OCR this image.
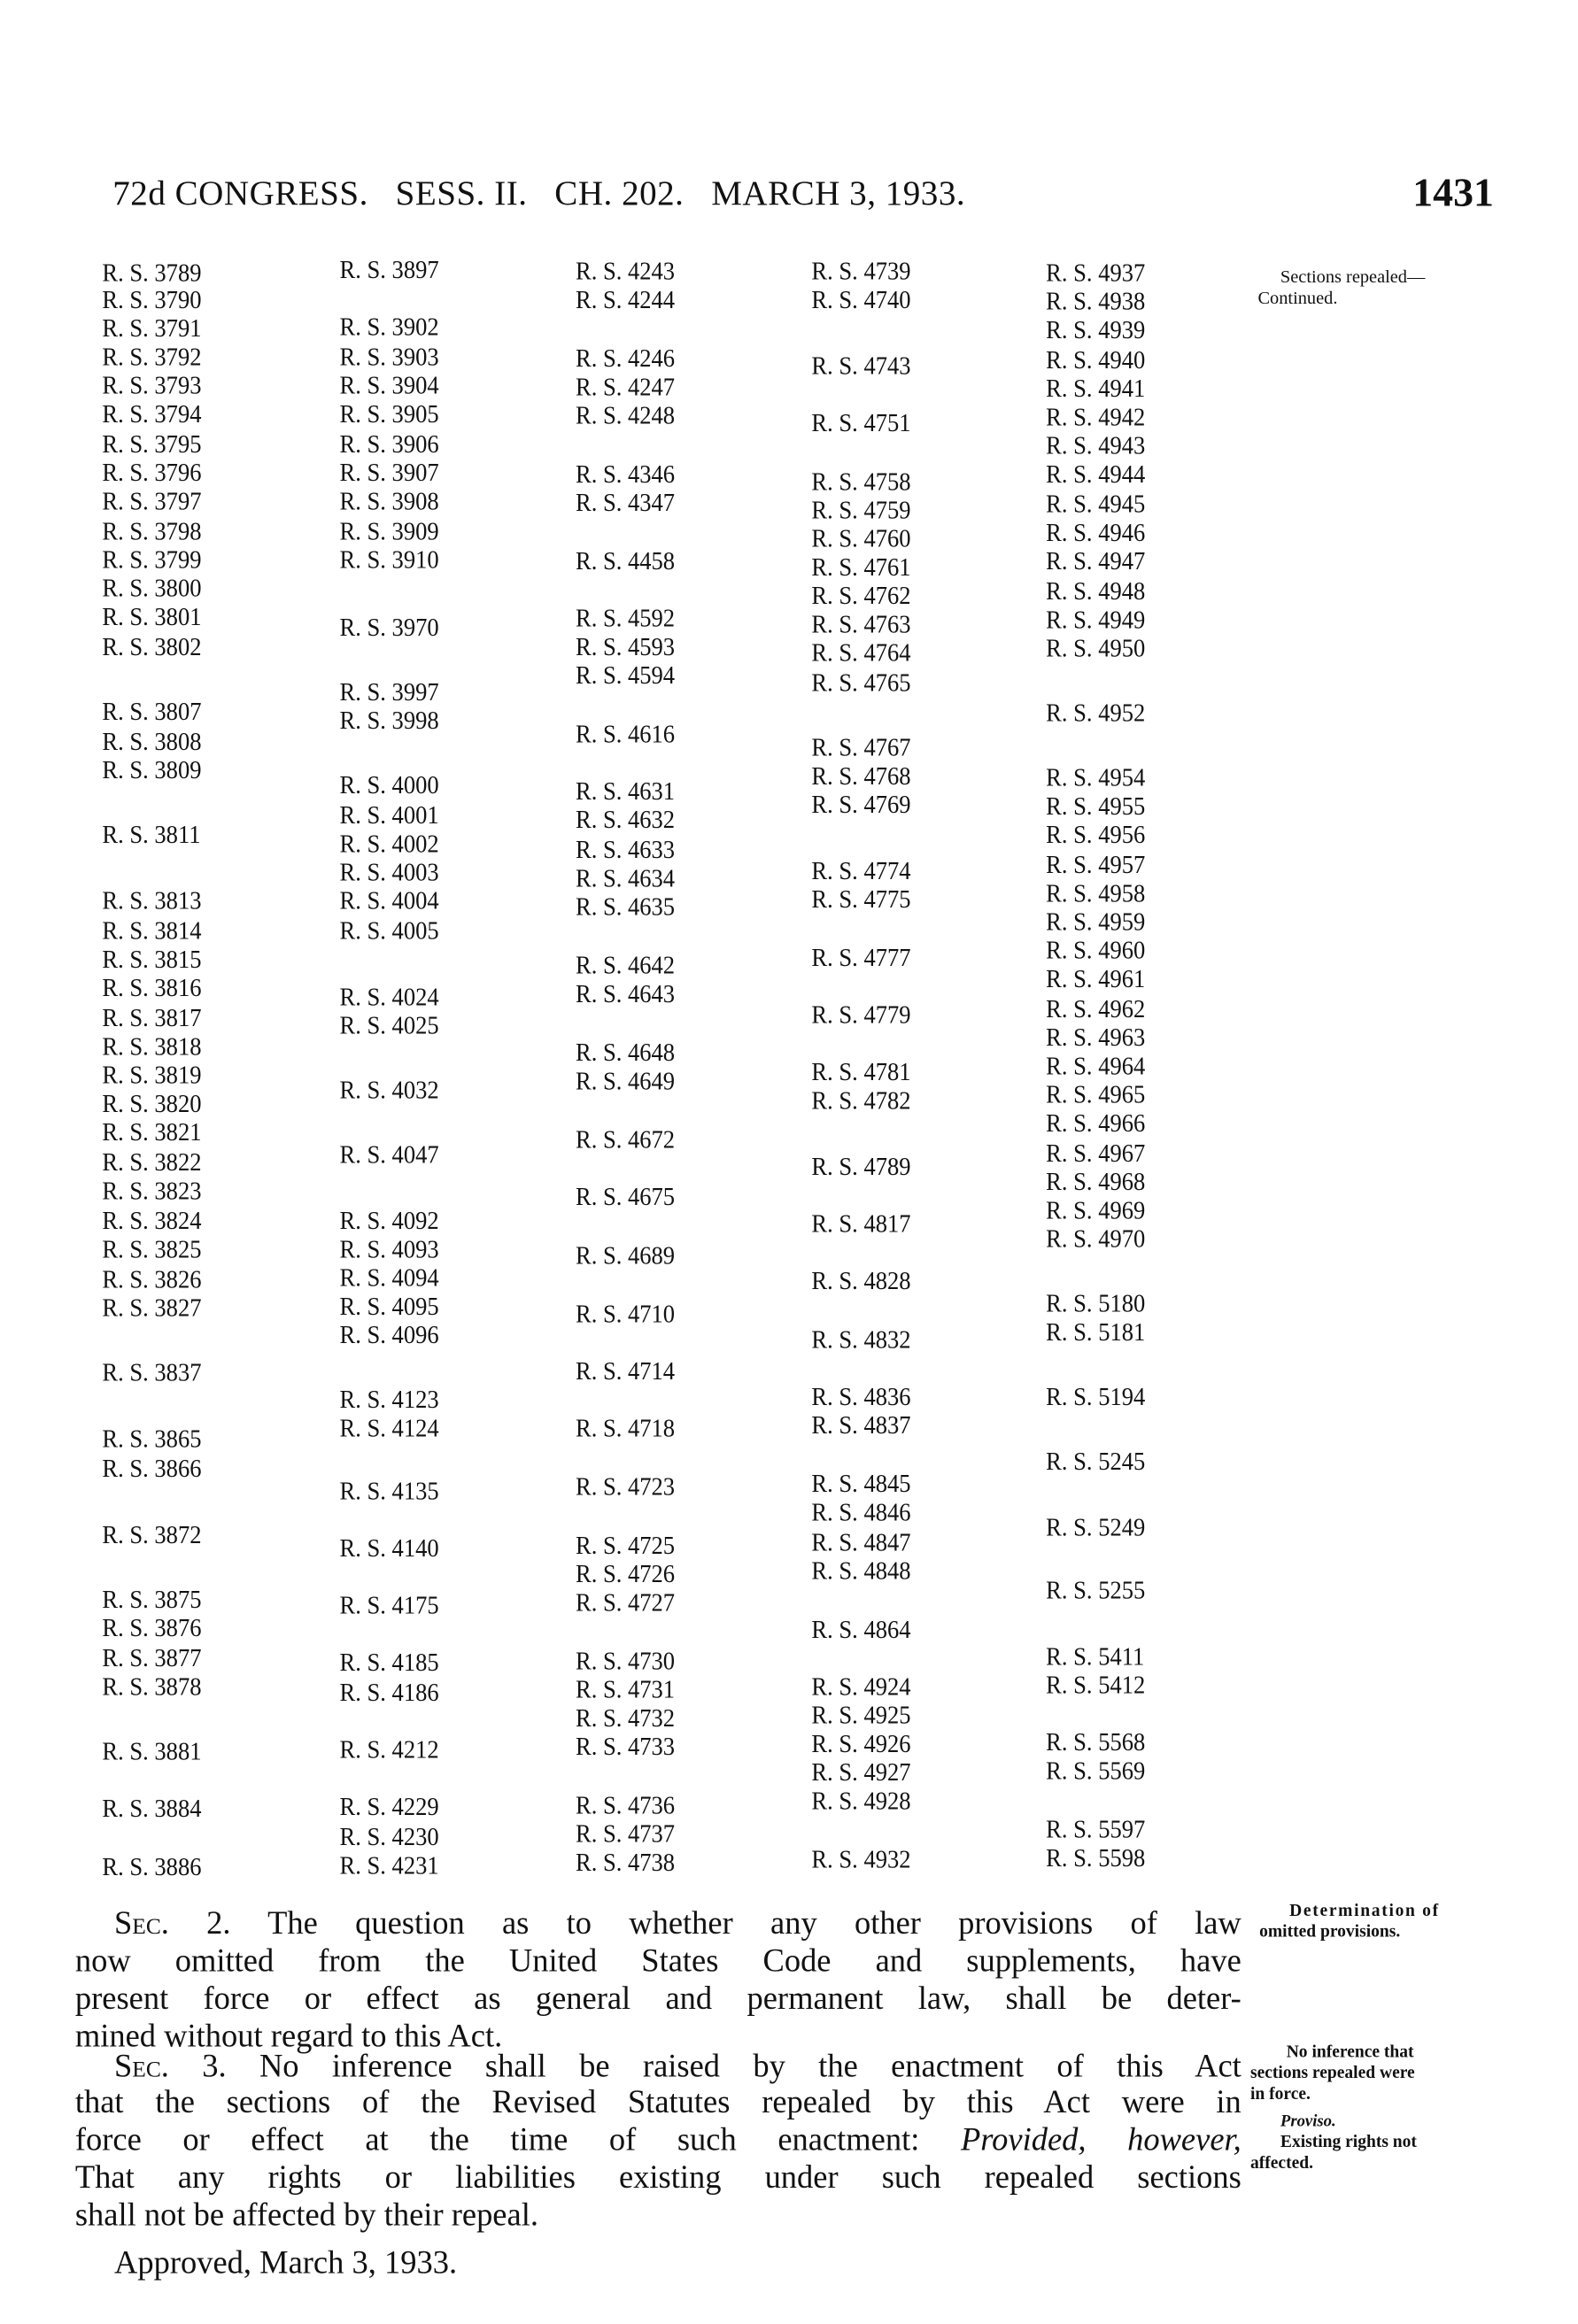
72d CONGRESS.   SESS. II.   CH. 202.   MARCH 3, 1933.	1431
R. S. 3789
R. S. 3790
R. S. 3791
R. S. 3792
R. S. 3793
R. S. 3794
R. S. 3795
R. S. 3796
R. S. 3797
R. S. 3798
R. S. 3799
R. S. 3800
R. S. 3801
R. S. 3802
R. S. 3807
R. S. 3808
R. S. 3809
R. S. 3811
R. S. 3813
R. S. 3814
R. S. 3815
R. S. 3816
R. S. 3817
R. S. 3818
R. S. 3819
R. S. 3820
R. S. 3821
R. S. 3822
R. S. 3823
R. S. 3824
R. S. 3825
R. S. 3826
R. S. 3827
R. S. 3837
R. S. 3865
R. S. 3866
R. S. 3872
R. S. 3875
R. S. 3876
R. S. 3877
R. S. 3878
R. S. 3881
R. S. 3884
R. S. 3886
R. S. 3897
R. S. 3902
R. S. 3903
R. S. 3904
R. S. 3905
R. S. 3906
R. S. 3907
R. S. 3908
R. S. 3909
R. S. 3910
R. S. 3970
R. S. 3997
R. S. 3998
R. S. 4000
R. S. 4001
R. S. 4002
R. S. 4003
R. S. 4004
R. S. 4005
R. S. 4024
R. S. 4025
R. S. 4032
R. S. 4047
R. S. 4092
R. S. 4093
R. S. 4094
R. S. 4095
R. S. 4096
R. S. 4123
R. S. 4124
R. S. 4135
R. S. 4140
R. S. 4175
R. S. 4185
R. S. 4186
R. S. 4212
R. S. 4229
R. S. 4230
R. S. 4231
R. S. 4243
R. S. 4244
R. S. 4246
R. S. 4247
R. S. 4248
R. S. 4346
R. S. 4347
R. S. 4458
R. S. 4592
R. S. 4593
R. S. 4594
R. S. 4616
R. S. 4631
R. S. 4632
R. S. 4633
R. S. 4634
R. S. 4635
R. S. 4642
R. S. 4643
R. S. 4648
R. S. 4649
R. S. 4672
R. S. 4675
R. S. 4689
R. S. 4710
R. S. 4714
R. S. 4718
R. S. 4723
R. S. 4725
R. S. 4726
R. S. 4727
R. S. 4730
R. S. 4731
R. S. 4732
R. S. 4733
R. S. 4736
R. S. 4737
R. S. 4738
R. S. 4739
R. S. 4740
R. S. 4743
R. S. 4751
R. S. 4758
R. S. 4759
R. S. 4760
R. S. 4761
R. S. 4762
R. S. 4763
R. S. 4764
R. S. 4765
R. S. 4767
R. S. 4768
R. S. 4769
R. S. 4774
R. S. 4775
R. S. 4777
R. S. 4779
R. S. 4781
R. S. 4782
R. S. 4789
R. S. 4817
R. S. 4828
R. S. 4832
R. S. 4836
R. S. 4837
R. S. 4845
R. S. 4846
R. S. 4847
R. S. 4848
R. S. 4864
R. S. 4924
R. S. 4925
R. S. 4926
R. S. 4927
R. S. 4928
R. S. 4932
R. S. 4937
R. S. 4938
R. S. 4939
R. S. 4940
R. S. 4941
R. S. 4942
R. S. 4943
R. S. 4944
R. S. 4945
R. S. 4946
R. S. 4947
R. S. 4948
R. S. 4949
R. S. 4950
R. S. 4952
R. S. 4954
R. S. 4955
R. S. 4956
R. S. 4957
R. S. 4958
R. S. 4959
R. S. 4960
R. S. 4961
R. S. 4962
R. S. 4963
R. S. 4964
R. S. 4965
R. S. 4966
R. S. 4967
R. S. 4968
R. S. 4969
R. S. 4970
R. S. 5180
R. S. 5181
R. S. 5194
R. S. 5245
R. S. 5249
R. S. 5255
R. S. 5411
R. S. 5412
R. S. 5568
R. S. 5569
R. S. 5597
R. S. 5598
Sections repealed—
Continued.
Sec. 2. The question as to whether any other provisions of law
now omitted from the United States Code and supplements, have
present force or effect as general and permanent law, shall be deter-
mined without regard to this Act.
Sec. 3. No inference shall be raised by the enactment of this Act
that the sections of the Revised Statutes repealed by this Act were in
force or effect at the time of such enactment: Provided, however,
That any rights or liabilities existing under such repealed sections
shall not be affected by their repeal.
Approved, March 3, 1933.
Determination of
omitted provisions.
No inference that
sections repealed were
in force.
Proviso.
Existing rights not
affected.
